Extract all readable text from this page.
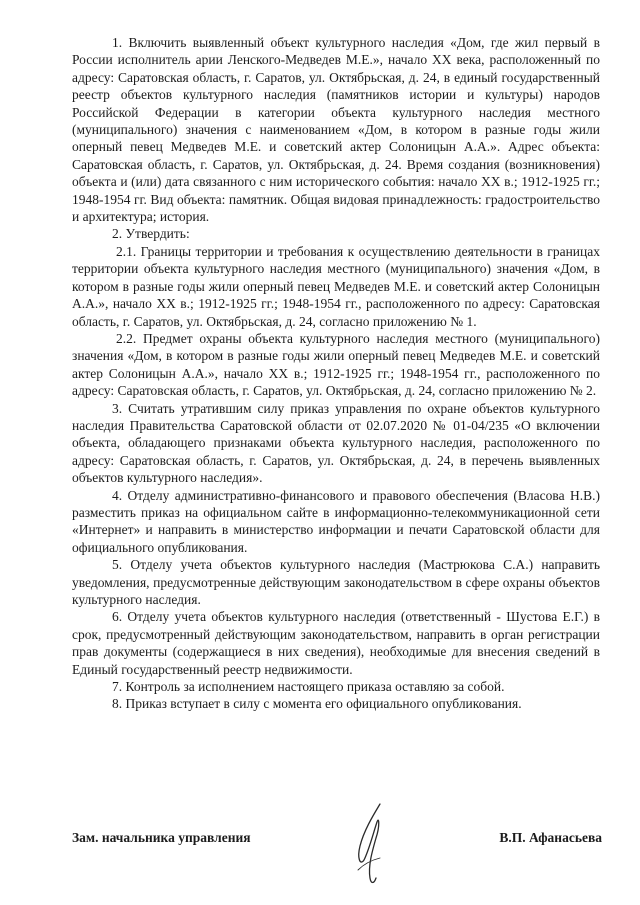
1. Включить выявленный объект культурного наследия «Дом, где жил первый в России исполнитель арии Ленского-Медведев М.Е.», начало XX века, расположенный по адресу: Саратовская область, г. Саратов, ул. Октябрьская, д. 24, в единый государственный реестр объектов культурного наследия (памятников истории и культуры) народов Российской Федерации в категории объекта культурного наследия местного (муниципального) значения с наименованием «Дом, в котором в разные годы жили оперный певец Медведев М.Е. и советский актер Солоницын А.А.». Адрес объекта: Саратовская область, г. Саратов, ул. Октябрьская, д. 24. Время создания (возникновения) объекта и (или) дата связанного с ним исторического события: начало XX в.; 1912-1925 гг.; 1948-1954 гг. Вид объекта: памятник. Общая видовая принадлежность: градостроительство и архитектура; история.

2. Утвердить:

2.1. Границы территории и требования к осуществлению деятельности в границах территории объекта культурного наследия местного (муниципального) значения «Дом, в котором в разные годы жили оперный певец Медведев М.Е. и советский актер Солоницын А.А.», начало XX в.; 1912-1925 гг.; 1948-1954 гг., расположенного по адресу: Саратовская область, г. Саратов, ул. Октябрьская, д. 24, согласно приложению № 1.

2.2. Предмет охраны объекта культурного наследия местного (муниципального) значения «Дом, в котором в разные годы жили оперный певец Медведев М.Е. и советский актер Солоницын А.А.», начало XX в.; 1912-1925 гг.; 1948-1954 гг., расположенного по адресу: Саратовская область, г. Саратов, ул. Октябрьская, д. 24, согласно приложению № 2.

3. Считать утратившим силу приказ управления по охране объектов культурного наследия Правительства Саратовской области от 02.07.2020 № 01-04/235 «О включении объекта, обладающего признаками объекта культурного наследия, расположенного по адресу: Саратовская область, г. Саратов, ул. Октябрьская, д. 24, в перечень выявленных объектов культурного наследия».

4. Отделу административно-финансового и правового обеспечения (Власова Н.В.) разместить приказ на официальном сайте в информационно-телекоммуникационной сети «Интернет» и направить в министерство информации и печати Саратовской области для официального опубликования.

5. Отделу учета объектов культурного наследия (Мастрюкова С.А.) направить уведомления, предусмотренные действующим законодательством в сфере охраны объектов культурного наследия.

6. Отделу учета объектов культурного наследия (ответственный - Шустова Е.Г.) в срок, предусмотренный действующим законодательством, направить в орган регистрации прав документы (содержащиеся в них сведения), необходимые для внесения сведений в Единый государственный реестр недвижимости.

7. Контроль за исполнением настоящего приказа оставляю за собой.

8. Приказ вступает в силу с момента его официального опубликования.

Зам. начальника управления	В.П. Афанасьева
